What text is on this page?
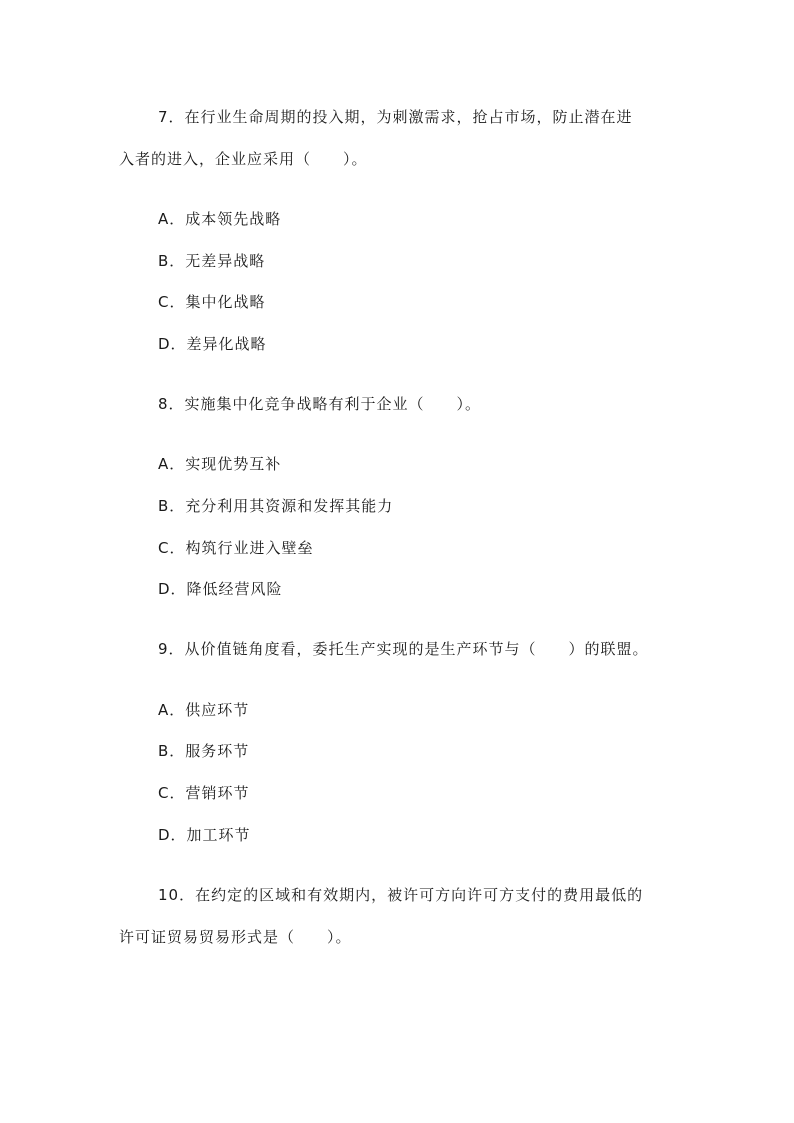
7．在行业生命周期的投入期，为刺激需求，抢占市场，防止潜在进
入者的进入，企业应采用（　　）。
A．成本领先战略
B．无差异战略
C．集中化战略
D．差异化战略
8．实施集中化竞争战略有利于企业（　　）。
A．实现优势互补
B．充分利用其资源和发挥其能力
C．构筑行业进入壁垒
D．降低经营风险
9．从价值链角度看，委托生产实现的是生产环节与（　　）的联盟。
A．供应环节
B．服务环节
C．营销环节
D．加工环节
10．在约定的区域和有效期内，被许可方向许可方支付的费用最低的
许可证贸易贸易形式是（　　）。
